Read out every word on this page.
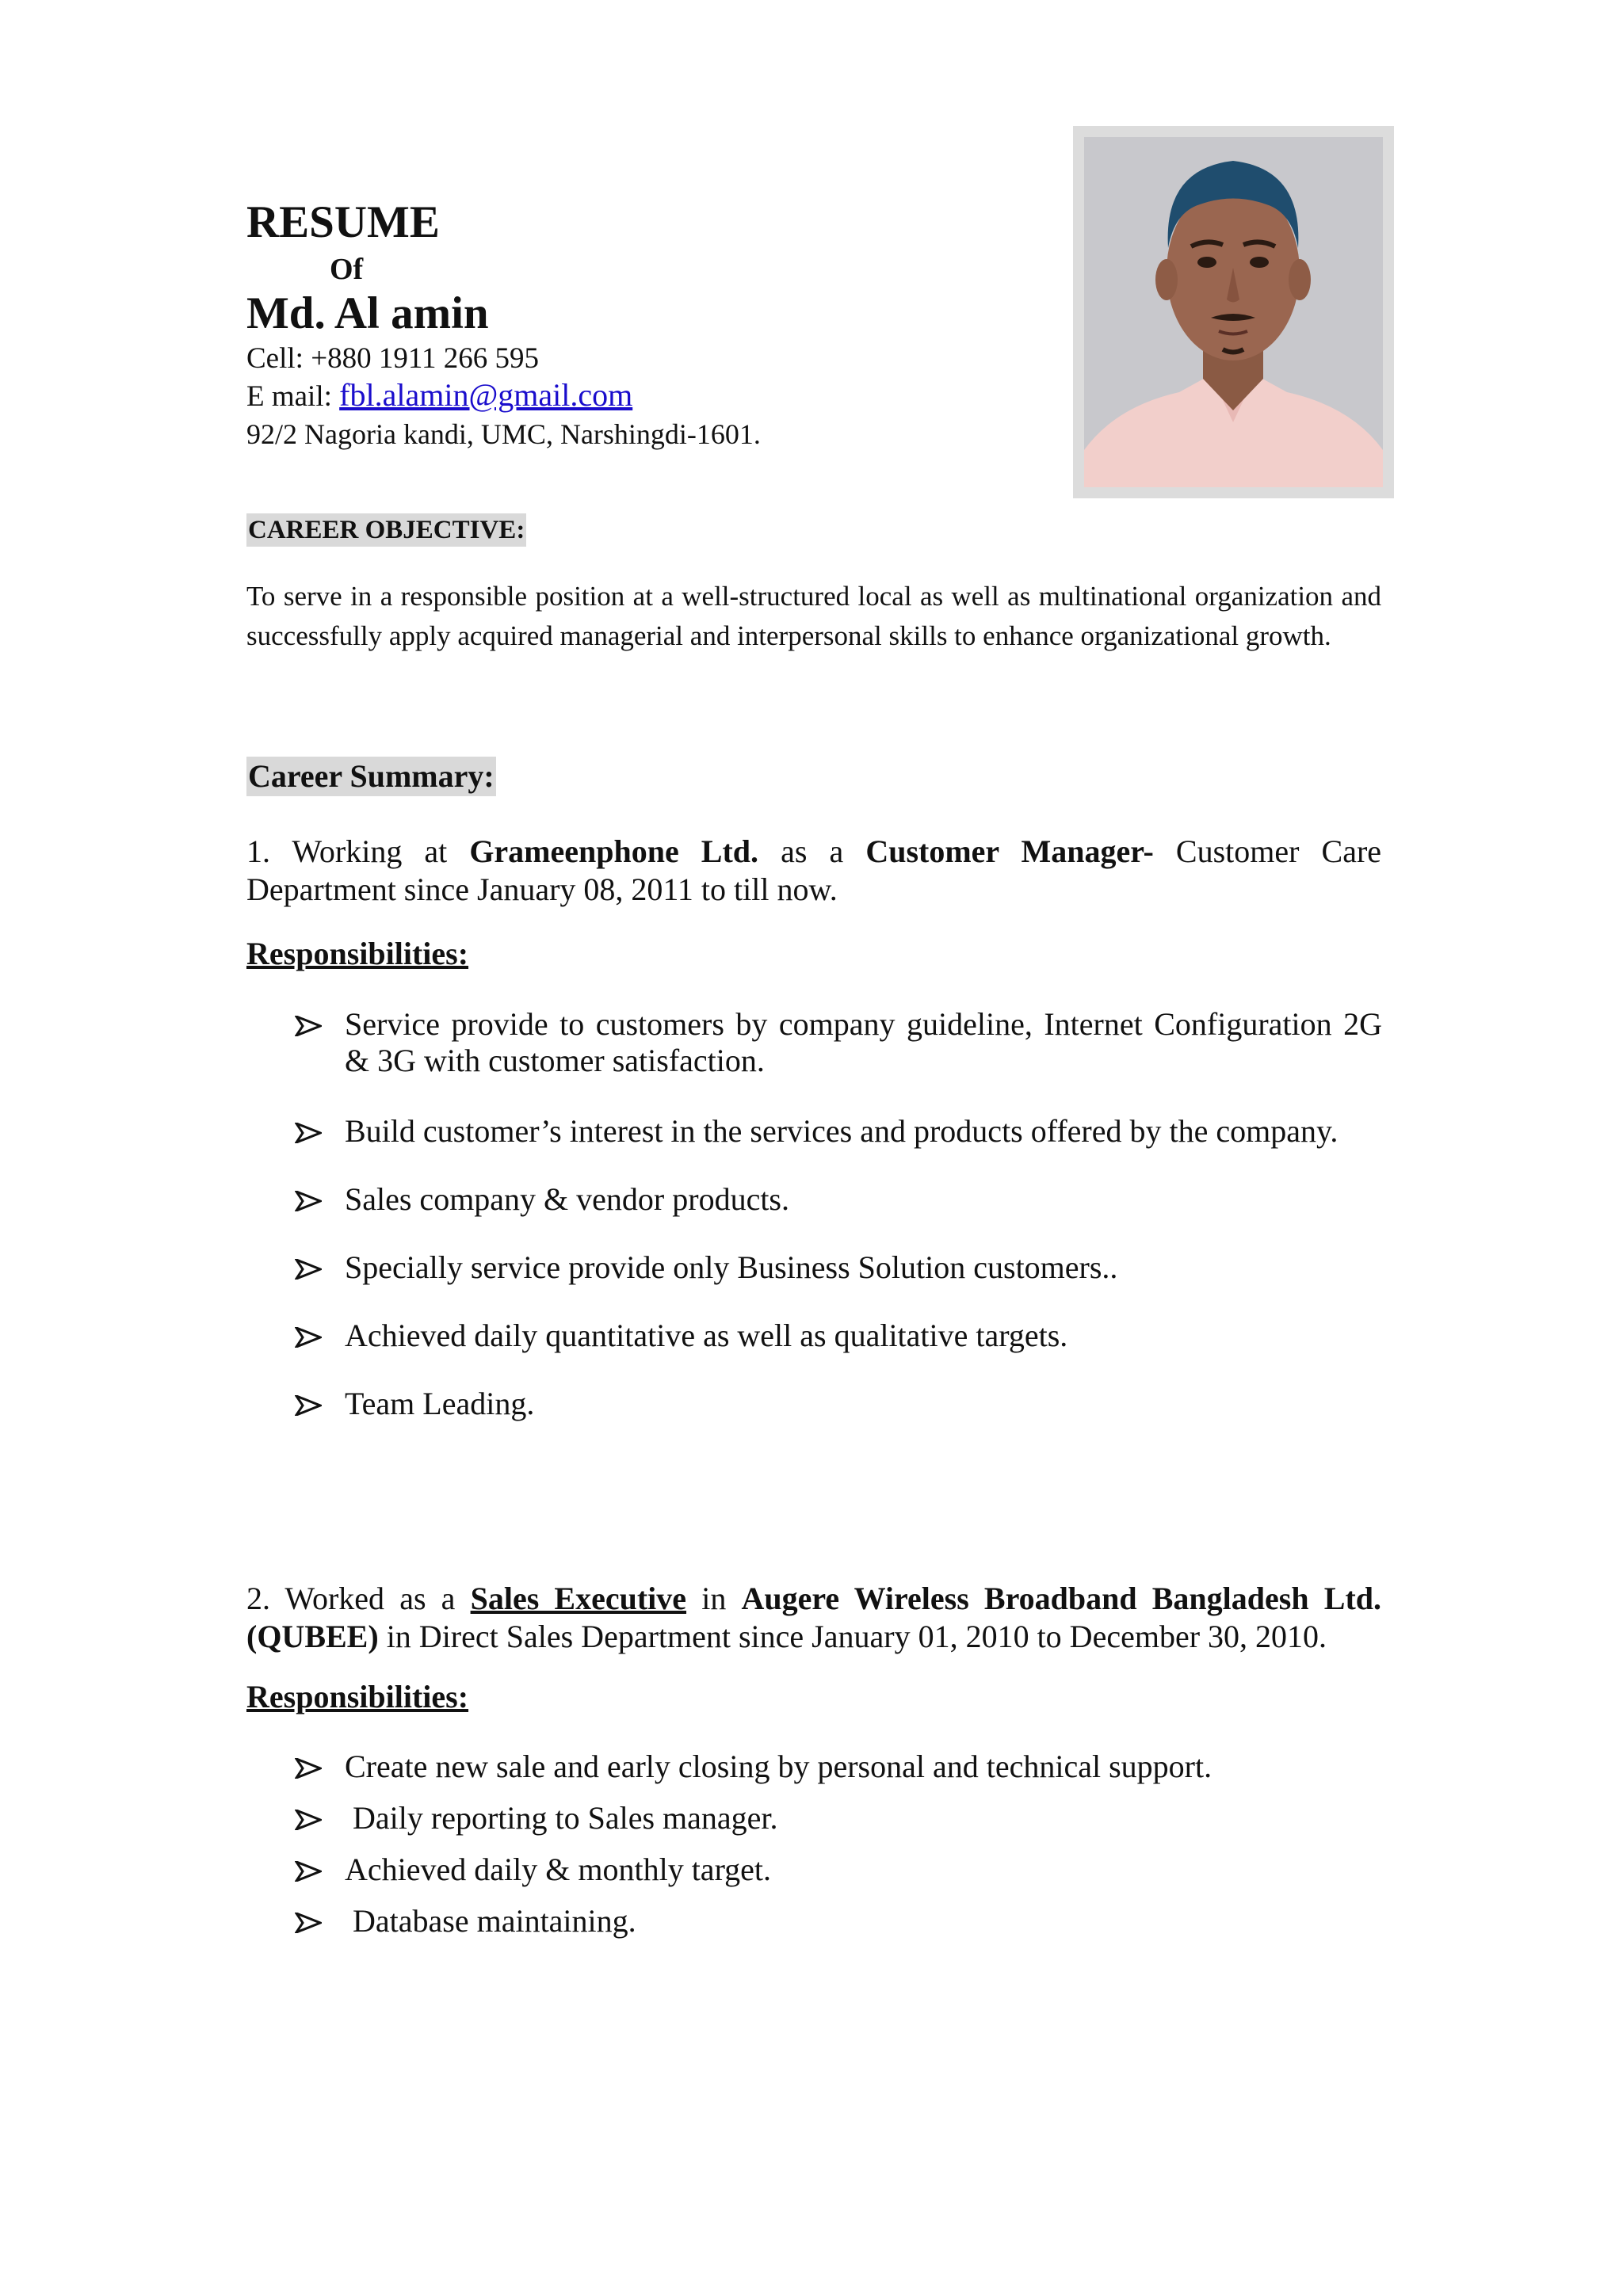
RESUME
Of
Md. Al amin
Cell: +880 1911 266 595
E mail: fbl.alamin@gmail.com
92/2 Nagoria kandi, UMC, Narshingdi-1601.
CAREER OBJECTIVE:
To serve in a responsible position at a well-structured local as well as multinational organization and successfully apply acquired managerial and interpersonal skills to enhance organizational growth.
Career Summary:
1. Working at Grameenphone Ltd. as a Customer Manager- Customer Care Department since January 08, 2011 to till now.
Responsibilities:
Service provide to customers by company guideline, Internet Configuration 2G & 3G with customer satisfaction.
Build customer’s interest in the services and products offered by the company.
Sales company & vendor products.
Specially service provide only Business Solution customers..
Achieved daily quantitative as well as qualitative targets.
Team Leading.
2. Worked as a Sales Executive in Augere Wireless Broadband Bangladesh Ltd. (QUBEE) in Direct Sales Department since January 01, 2010 to December 30, 2010.
Responsibilities:
Create new sale and early closing by personal and technical support.
Daily reporting to Sales manager.
Achieved daily & monthly target.
Database maintaining.
